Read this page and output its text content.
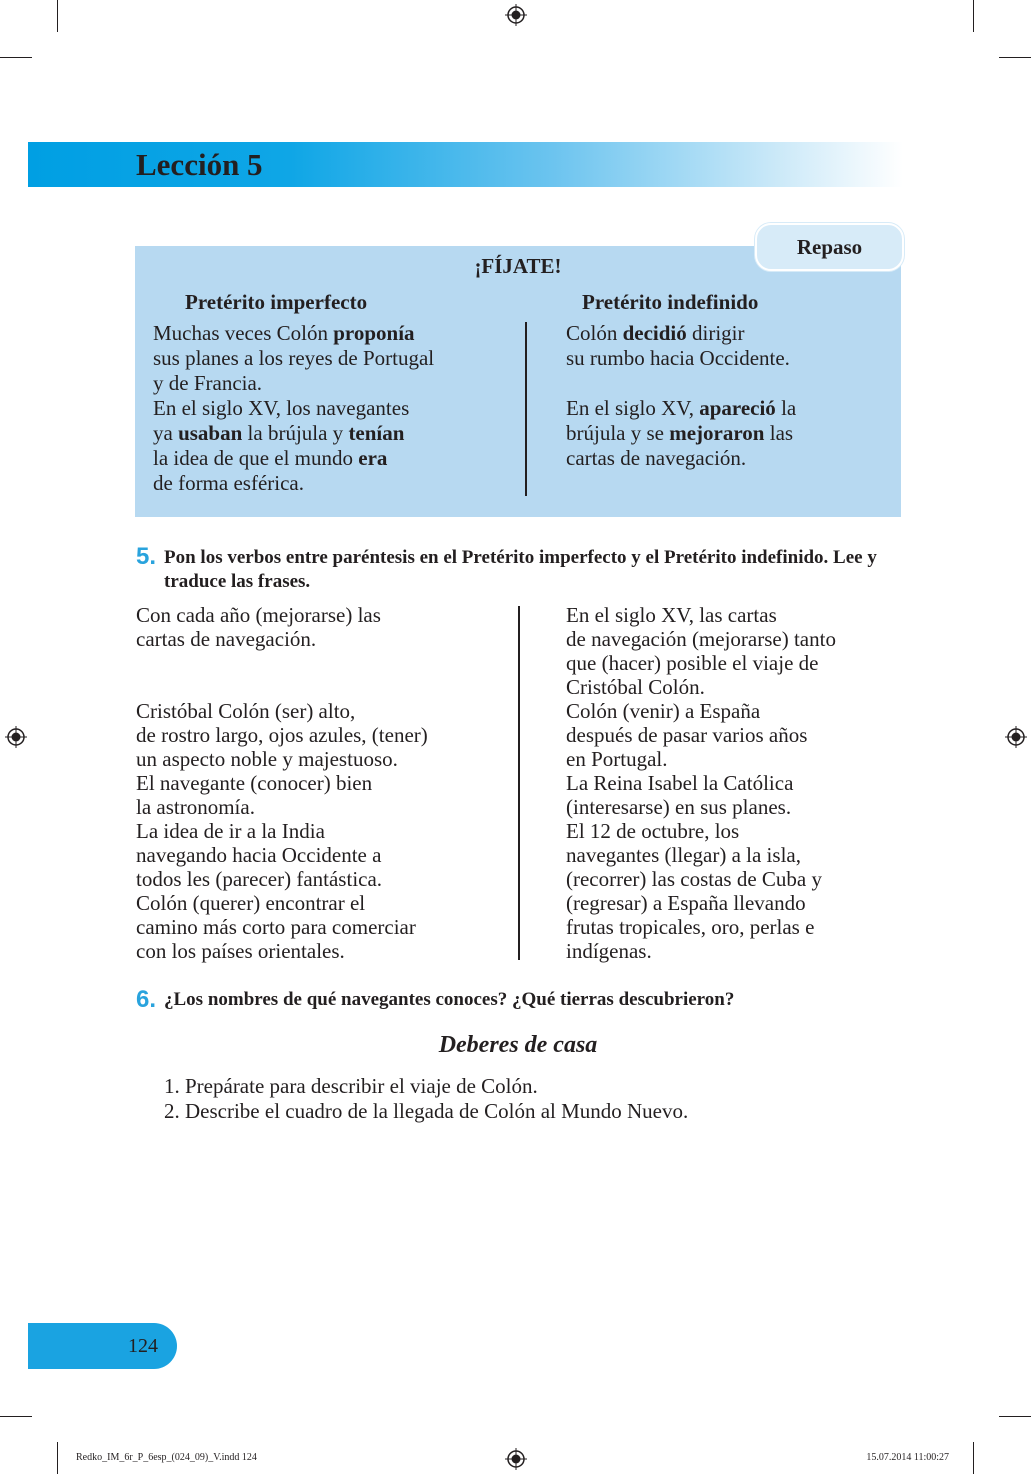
Lección 5
Repaso
¡FÍJATE!
Pretérito imperfecto	Pretérito indefinido
Muchas veces Colón proponía
sus planes a los reyes de Portugal
y de Francia.
En el siglo XV, los navegantes
ya usaban la brújula y tenían
la idea de que el mundo era
de forma esférica.
Colón decidió dirigir
su rumbo hacia Occidente.
En el siglo XV, apareció la
brújula y se mejoraron las
cartas de navegación.
5. Pon los verbos entre paréntesis en el Pretérito imperfecto y el Pretérito indefinido. Lee y traduce las frases.

Con cada año (mejorarse) las
cartas de navegación.

Cristóbal Colón (ser) alto,
de rostro largo, ojos azules, (tener)
un aspecto noble y majestuoso.
El navegante (conocer) bien
la astronomía.
La idea de ir a la India
navegando hacia Occidente a
todos les (parecer) fantástica.
Colón (querer) encontrar el
camino más corto para comerciar
con los países orientales.

En el siglo XV, las cartas
de navegación (mejorarse) tanto
que (hacer) posible el viaje de
Cristóbal Colón.
Colón (venir) a España
después de pasar varios años
en Portugal.
La Reina Isabel la Católica
(interesarse) en sus planes.
El 12 de octubre, los
navegantes (llegar) a la isla,
(recorrer) las costas de Cuba y
(regresar) a España llevando
frutas tropicales, oro, perlas e
indígenas.

6. ¿Los nombres de qué navegantes conoces? ¿Qué tierras descubrieron?
Deberes de casa
1. Prepárate para describir el viaje de Colón.
2. Describe el cuadro de la llegada de Colón al Mundo Nuevo.
124
Redko_IM_6r_P_6esp_(024_09)_V.indd 124	15.07.2014 11:00:27
